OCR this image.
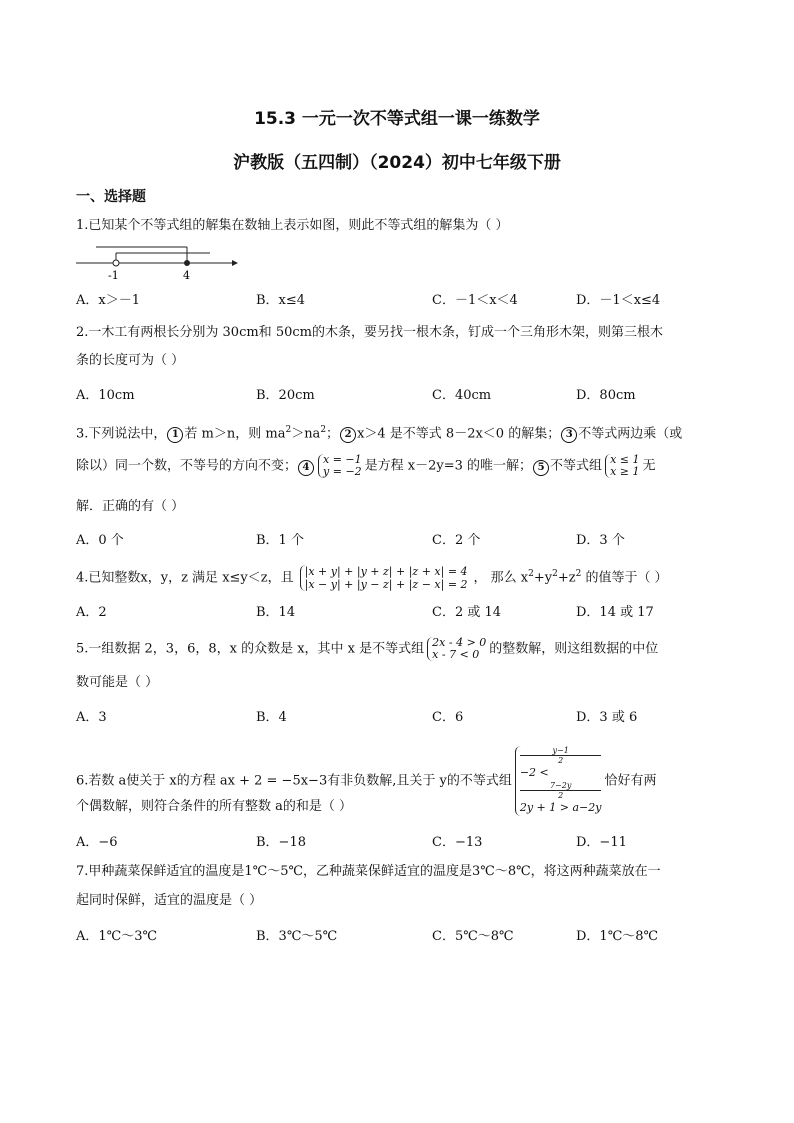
15.3 一元一次不等式组一课一练数学
沪教版（五四制）（2024）初中七年级下册
一、选择题
1.已知某个不等式组的解集在数轴上表示如图，则此不等式组的解集为（ ）
-1	4
A．x＞－1	B．x≤4	C．－1＜x＜4	D．－1＜x≤4
2.一木工有两根长分别为 30cm和 50cm的木条，要另找一根木条，钉成一个三角形木架，则第三根木
条的长度可为（ ）
A．10cm	B．20cm	C．40cm	D．80cm
3.下列说法中， 1 若 m＞n，则 $ma^2>na^2$； 2 x＞4 是不等式 8－2x＜0 的解集； 3 不等式两边乘（或
除以）同一个数，不等号的方向不变； 4
x = −1
y = −2 是方程 x－2y=3 的唯一解； 5 不等式组 x ≤ 1
x ≥ 1 无
解．正确的有（ ）
A．0 个	B．1 个	C．2 个	D．3 个
4.已知整数x，y，z 满足 x≤y＜z，且 |x + y| + |y + z| + |z + x| = 4
|x − y| + |y − z| + |z − x| = 2 ， 那么 $x^2+y^2+z^2$ 的值等于（ ）
A．2	B．14	C．2 或 14	D．14 或 17
5.一组数据 2，3，6，8，x 的众数是 x，其中 x 是不等式组 2x - 4 > 0
x - 7 < 0 的整数解，则这组数据的中位
数可能是（ ）
A．3	B．4	C．6	D．3 或 6
6.若数 a使关于 x的方程 ax + 2 = −5x−3有非负数解,且关于 y的不等式组
y−1
2
−2 <
7−2y
2
2y + 1 > a−2y
恰好有两
个偶数解，则符合条件的所有整数 a的和是（ ）
A．−6	B．−18	C．−13	D．−11
7.甲种蔬菜保鲜适宜的温度是1℃～5℃，乙种蔬菜保鲜适宜的温度是3℃～8℃，将这两种蔬菜放在一
起同时保鲜，适宜的温度是（ ）
A．1℃～3℃	B．3℃～5℃	C．5℃～8℃	D．1℃～8℃
